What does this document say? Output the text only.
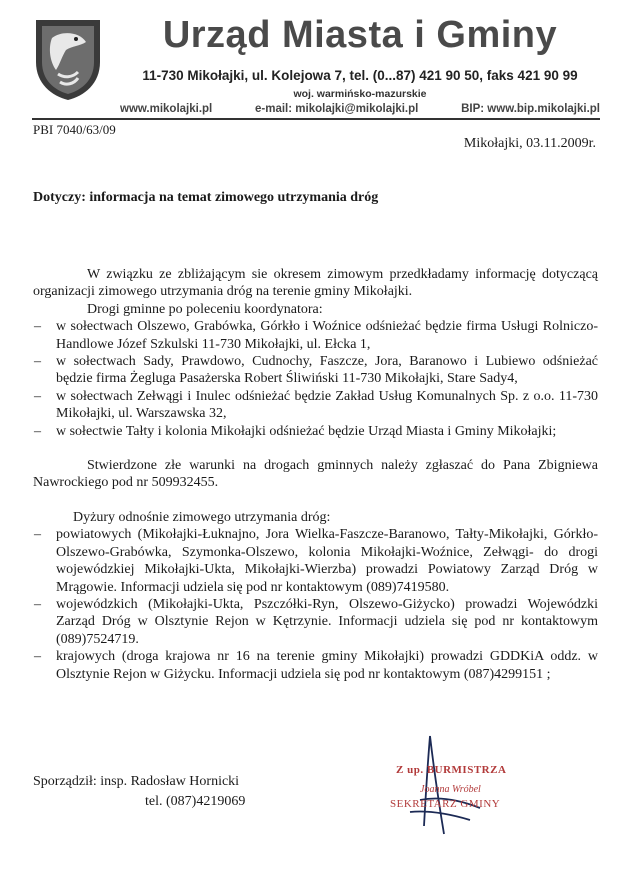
Urząd Miasta i Gminy
11-730 Mikołajki, ul. Kolejowa 7, tel. (0...87) 421 90 50, faks 421 90 99
woj. warmińsko-mazurskie
www.mikolajki.pl	e-mail: mikolajki@mikolajki.pl	BIP: www.bip.mikolajki.pl
PBI 7040/63/09
Mikołajki, 03.11.2009r.
Dotyczy: informacja na temat zimowego utrzymania dróg

W związku ze zbliżającym sie okresem zimowym przedkładamy informację dotyczącą organizacji zimowego utrzymania dróg na terenie gminy Mikołajki.

Drogi gminne po poleceniu koordynatora:

– w sołectwach Olszewo, Grabówka, Górkło i Woźnice odśnieżać będzie firma Usługi Rolniczo-Handlowe Józef Szkulski 11-730 Mikołajki, ul. Ełcka 1,
– w sołectwach Sady, Prawdowo, Cudnochy, Faszcze, Jora, Baranowo i Lubiewo odśnieżać będzie firma Żegluga Pasażerska Robert Śliwiński 11-730 Mikołajki, Stare Sady4,
– w sołectwach Zełwągi i Inulec odśnieżać będzie Zakład Usług Komunalnych Sp. z o.o. 11-730 Mikołajki, ul. Warszawska 32,
– w sołectwie Tałty i kolonia Mikołajki odśnieżać będzie Urząd Miasta i Gminy Mikołajki;

Stwierdzone złe warunki na drogach gminnych należy zgłaszać do Pana Zbigniewa Nawrockiego pod nr 509932455.

Dyżury odnośnie zimowego utrzymania dróg:

– powiatowych (Mikołajki-Łuknajno, Jora Wielka-Faszcze-Baranowo, Tałty-Mikołajki, Górkło-Olszewo-Grabówka, Szymonka-Olszewo, kolonia Mikołajki-Woźnice, Zełwągi- do drogi wojewódzkiej Mikołajki-Ukta, Mikołajki-Wierzba) prowadzi Powiatowy Zarząd Dróg w Mrągowie. Informacji udziela się pod nr kontaktowym (089)7419580.
– wojewódzkich (Mikołajki-Ukta, Pszczółki-Ryn, Olszewo-Giżycko) prowadzi Wojewódzki Zarząd Dróg w Olsztynie Rejon w Kętrzynie. Informacji udziela się pod nr kontaktowym (089)7524719.
– krajowych (droga krajowa nr 16 na terenie gminy Mikołajki) prowadzi GDDKiA oddz. w Olsztynie Rejon w Giżycku. Informacji udziela się pod nr kontaktowym (087)4299151 ;
Sporządził: insp. Radosław Hornicki
tel. (087)4219069
Z up. BURMISTRZA
Joanna Wróbel
SEKRETARZ GMINY
